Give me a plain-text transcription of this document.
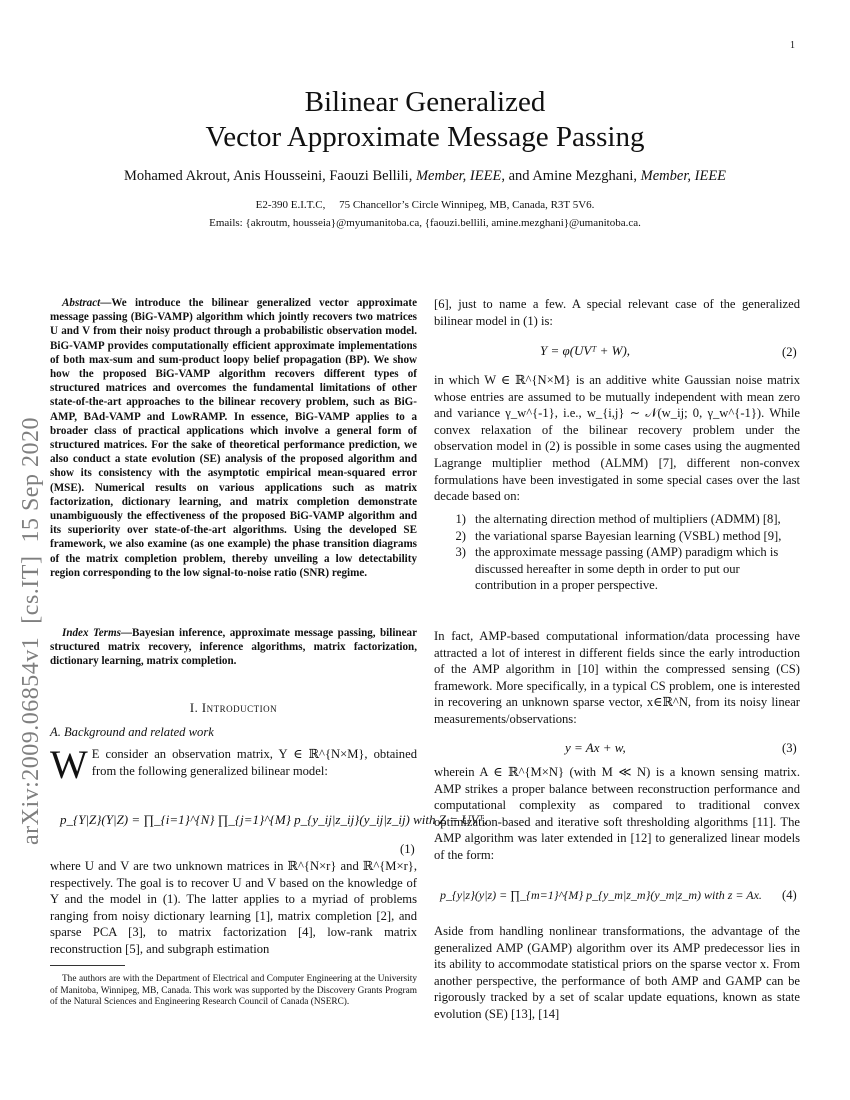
1
Bilinear Generalized
Vector Approximate Message Passing
Mohamed Akrout, Anis Housseini, Faouzi Bellili, Member, IEEE, and Amine Mezghani, Member, IEEE
E2-390 E.I.T.C,     75 Chancellor’s Circle Winnipeg, MB, Canada, R3T 5V6.
Emails: {akroutm, housseia}@myumanitoba.ca, {faouzi.bellili, amine.mezghani}@umanitoba.ca.
arXiv:2009.06854v1  [cs.IT]  15 Sep 2020
Abstract—We introduce the bilinear generalized vector approximate message passing (BiG-VAMP) algorithm which jointly recovers two matrices U and V from their noisy product through a probabilistic observation model. BiG-VAMP provides computationally efficient approximate implementations of both max-sum and sum-product loopy belief propagation (BP). We show how the proposed BiG-VAMP algorithm recovers different types of structured matrices and overcomes the fundamental limitations of other state-of-the-art approaches to the bilinear recovery problem, such as BiG-AMP, BAd-VAMP and LowRAMP. In essence, BiG-VAMP applies to a broader class of practical applications which involve a general form of structured matrices. For the sake of theoretical performance prediction, we also conduct a state evolution (SE) analysis of the proposed algorithm and show its consistency with the asymptotic empirical mean-squared error (MSE). Numerical results on various applications such as matrix factorization, dictionary learning, and matrix completion demonstrate unambiguously the effectiveness of the proposed BiG-VAMP algorithm and its superiority over state-of-the-art algorithms. Using the developed SE framework, we also examine (as one example) the phase transition diagrams of the matrix completion problem, thereby unveiling a low detectability region corresponding to the low signal-to-noise ratio (SNR) regime.
Index Terms—Bayesian inference, approximate message passing, bilinear structured matrix recovery, inference algorithms, matrix factorization, dictionary learning, matrix completion.
I. Introduction
A. Background and related work
W E consider an observation matrix, Y ∈ ℝ^{N×M}, obtained from the following generalized bilinear model:
p_{Y|Z}(Y|Z) = ∏_{i=1}^{N} ∏_{j=1}^{M} p_{y_ij|z_ij}(y_ij|z_ij) with Z = UVᵀ,
(1)
where U and V are two unknown matrices in ℝ^{N×r} and ℝ^{M×r}, respectively. The goal is to recover U and V based on the knowledge of Y and the model in (1). The latter applies to a myriad of problems ranging from noisy dictionary learning [1], matrix completion [2], and sparse PCA [3], to matrix factorization [4], low-rank matrix reconstruction [5], and subgraph estimation
The authors are with the Department of Electrical and Computer Engineering at the University of Manitoba, Winnipeg, MB, Canada. This work was supported by the Discovery Grants Program of the Natural Sciences and Engineering Research Council of Canada (NSERC).
[6], just to name a few. A special relevant case of the generalized bilinear model in (1) is:
Y = φ(UVᵀ + W),	(2)
in which W ∈ ℝ^{N×M} is an additive white Gaussian noise matrix whose entries are assumed to be mutually independent with mean zero and variance γ_w^{-1}, i.e., w_{i,j} ∼ 𝒩(w_ij; 0, γ_w^{-1}). While convex relaxation of the bilinear recovery problem under the observation model in (2) is possible in some cases using the augmented Lagrange multiplier method (ALMM) [7], different non-convex formulations have been investigated in some special cases over the last decade based on:
1) the alternating direction method of multipliers (ADMM) [8],
2) the variational sparse Bayesian learning (VSBL) method [9],
3) the approximate message passing (AMP) paradigm which is discussed hereafter in some depth in order to put our contribution in a proper perspective.
In fact, AMP-based computational information/data processing have attracted a lot of interest in different fields since the early introduction of the AMP algorithm in [10] within the compressed sensing (CS) framework. More specifically, in a typical CS problem, one is interested in recovering an unknown sparse vector, x∈ℝ^N, from its noisy linear measurements/observations:
y = Ax + w,	(3)
wherein A ∈ ℝ^{M×N} (with M ≪ N) is a known sensing matrix. AMP strikes a proper balance between reconstruction performance and computational complexity as compared to traditional convex optimization-based and iterative soft thresholding algorithms [11]. The AMP algorithm was later extended in [12] to generalized linear models of the form:
p_{y|z}(y|z) = ∏_{m=1}^{M} p_{y_m|z_m}(y_m|z_m) with z = Ax. (4)
Aside from handling nonlinear transformations, the advantage of the generalized AMP (GAMP) algorithm over its AMP predecessor lies in its ability to accommodate statistical priors on the sparse vector x. From another perspective, the performance of both AMP and GAMP can be rigorously tracked by a set of scalar update equations, known as state evolution (SE) [13], [14]
